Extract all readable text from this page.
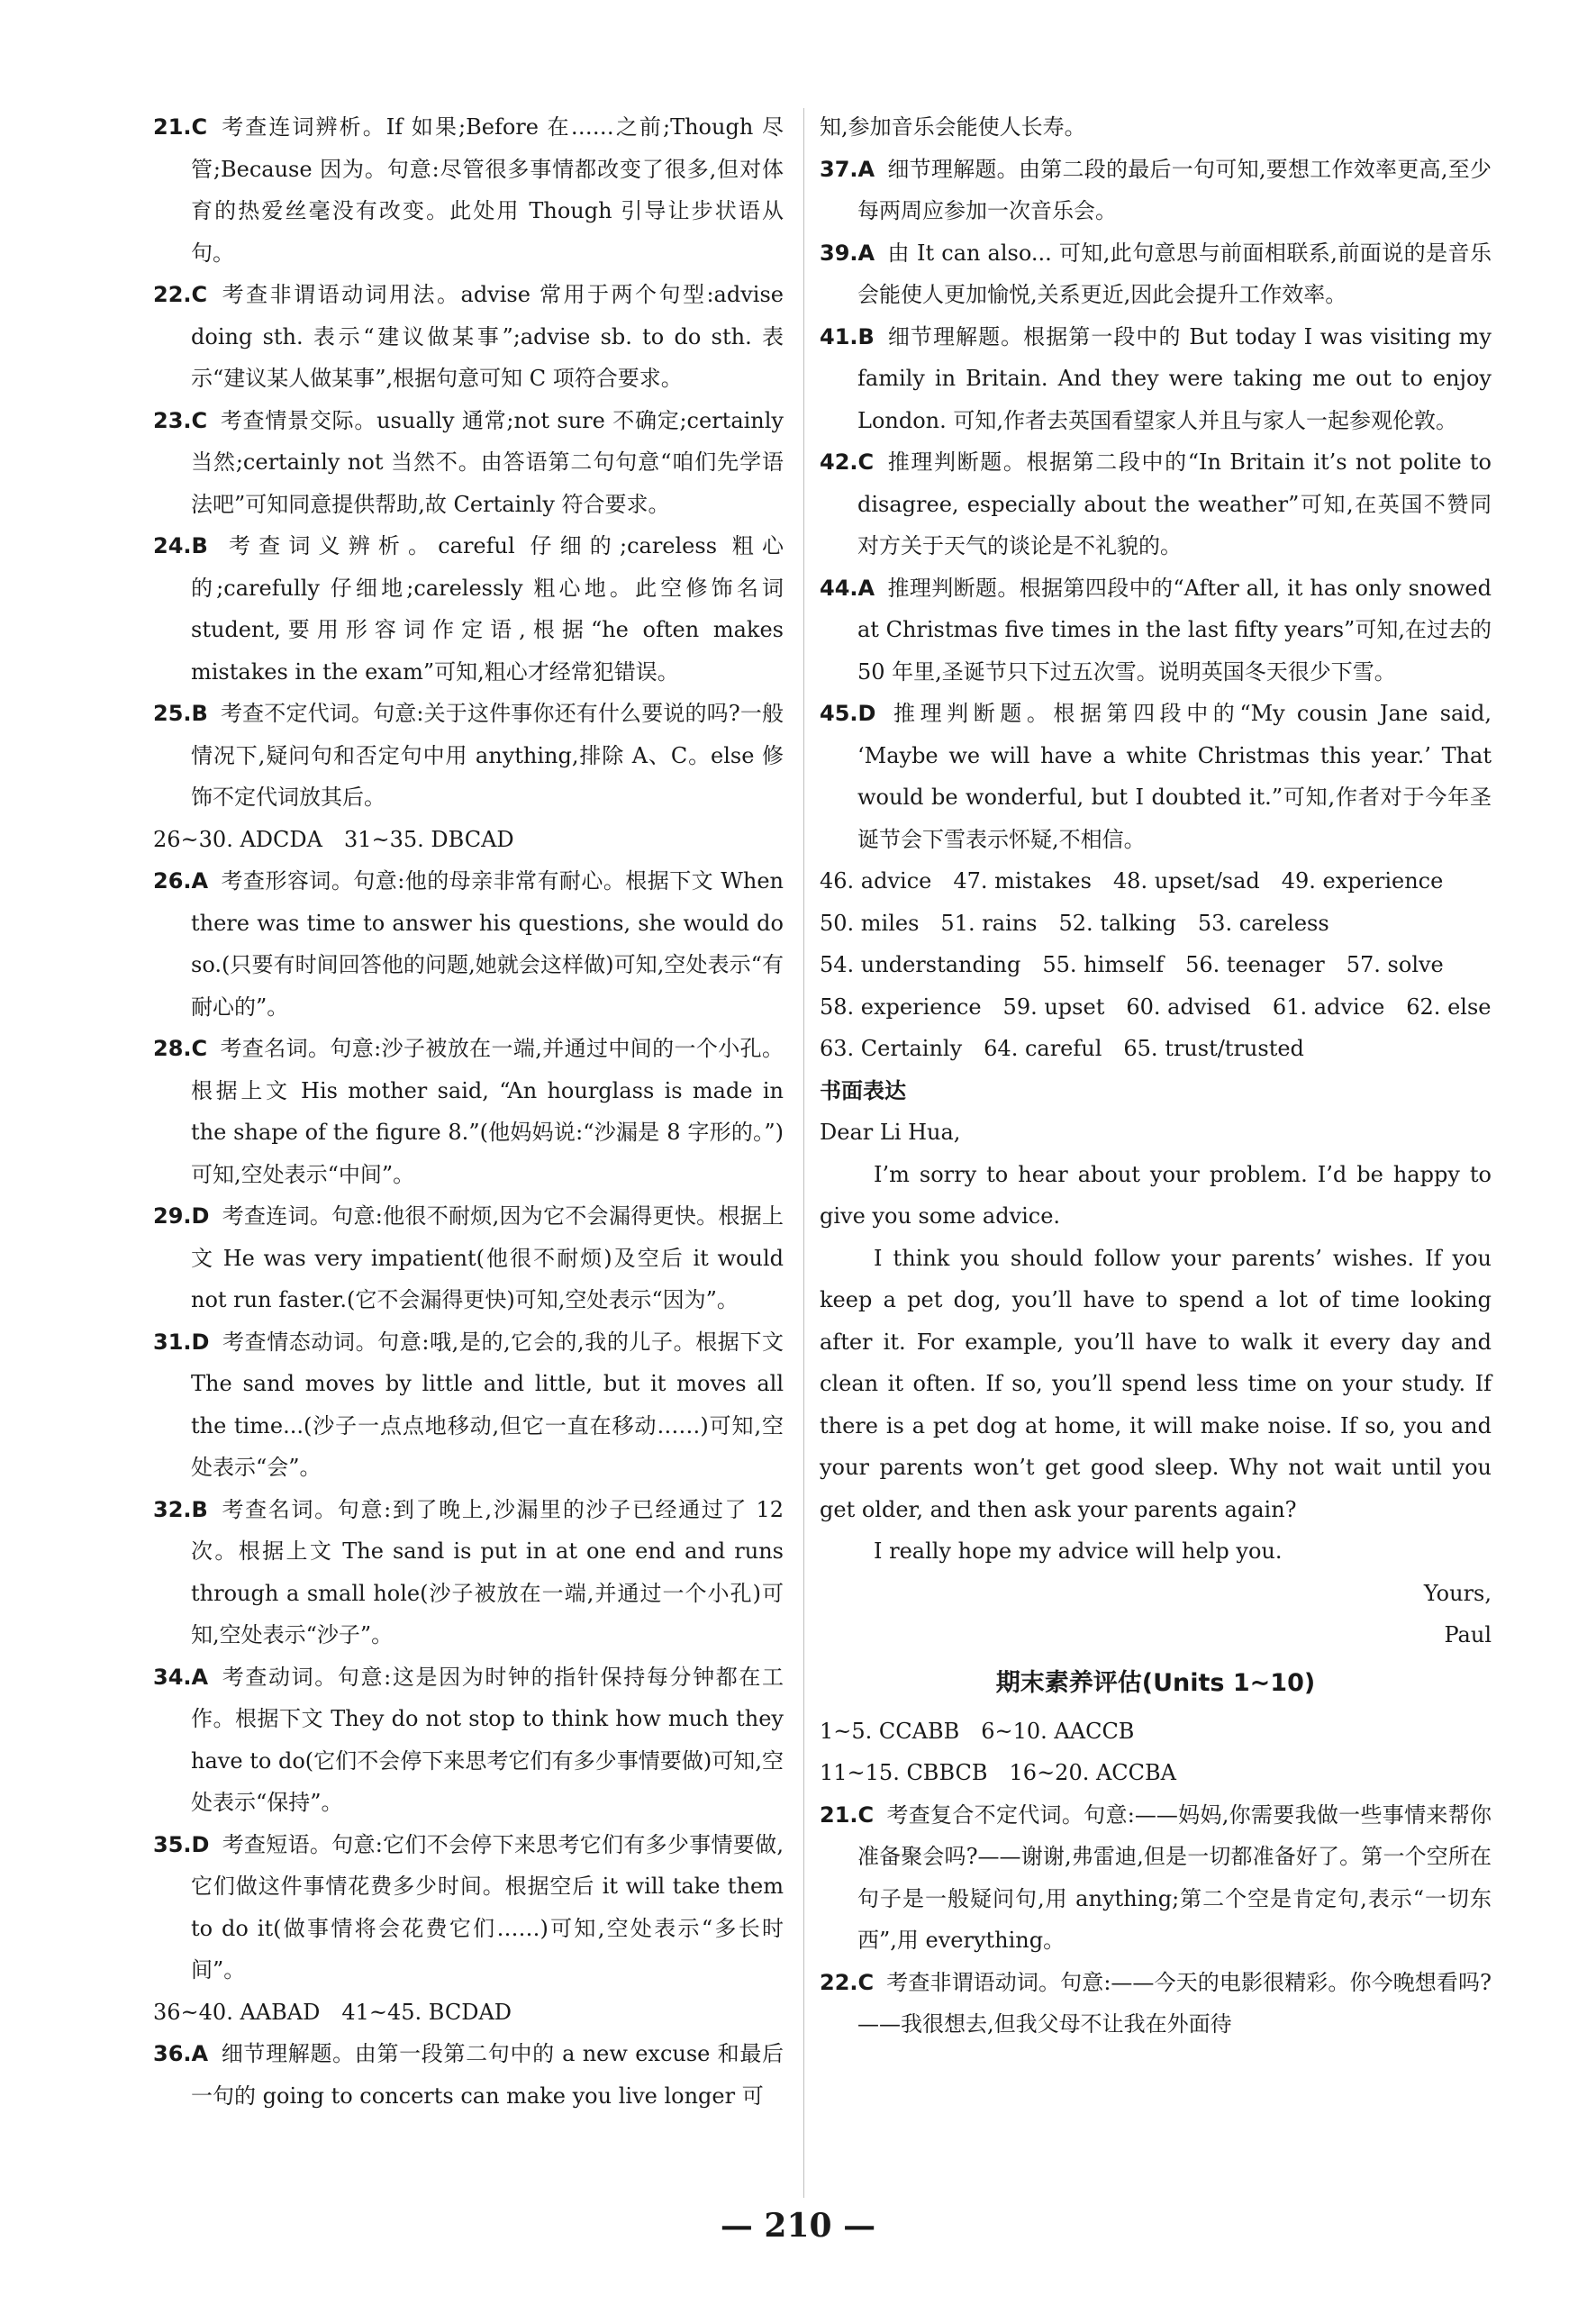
21.C 考查连词辨析。If 如果;Before 在……之前;Though 尽管;Because 因为。句意:尽管很多事情都改变了很多,但对体育的热爱丝毫没有改变。此处用 Though 引导让步状语从句。

22.C 考查非谓语动词用法。advise 常用于两个句型:advise doing sth. 表示“建议做某事”;advise sb. to do sth. 表示“建议某人做某事”,根据句意可知 C 项符合要求。

23.C 考查情景交际。usually 通常;not sure 不确定;certainly 当然;certainly not 当然不。由答语第二句句意“咱们先学语法吧”可知同意提供帮助,故 Certainly 符合要求。

24.B 考查词义辨析。careful 仔细的;careless 粗心的;carefully 仔细地;carelessly 粗心地。此空修饰名词 student,要用形容词作定语,根据“he often makes mistakes in the exam”可知,粗心才经常犯错误。

25.B 考查不定代词。句意:关于这件事你还有什么要说的吗?一般情况下,疑问句和否定句中用 anything,排除 A、C。else 修饰不定代词放其后。

26~30. ADCDA　31~35. DBCAD

26.A 考查形容词。句意:他的母亲非常有耐心。根据下文 When there was time to answer his questions, she would do so.(只要有时间回答他的问题,她就会这样做)可知,空处表示“有耐心的”。

28.C 考查名词。句意:沙子被放在一端,并通过中间的一个小孔。根据上文 His mother said, “An hourglass is made in the shape of the figure 8.”(他妈妈说:“沙漏是 8 字形的。”)可知,空处表示“中间”。

29.D 考查连词。句意:他很不耐烦,因为它不会漏得更快。根据上文 He was very impatient(他很不耐烦)及空后 it would not run faster.(它不会漏得更快)可知,空处表示“因为”。

31.D 考查情态动词。句意:哦,是的,它会的,我的儿子。根据下文 The sand moves by little and little, but it moves all the time...(沙子一点点地移动,但它一直在移动……)可知,空处表示“会”。

32.B 考查名词。句意:到了晚上,沙漏里的沙子已经通过了 12 次。根据上文 The sand is put in at one end and runs through a small hole(沙子被放在一端,并通过一个小孔)可知,空处表示“沙子”。

34.A 考查动词。句意:这是因为时钟的指针保持每分钟都在工作。根据下文 They do not stop to think how much they have to do(它们不会停下来思考它们有多少事情要做)可知,空处表示“保持”。

35.D 考查短语。句意:它们不会停下来思考它们有多少事情要做,它们做这件事情花费多少时间。根据空后 it will take them to do it(做事情将会花费它们……)可知,空处表示“多长时间”。

36~40. AABAD　41~45. BCDAD

36.A 细节理解题。由第一段第二句中的 a new excuse 和最后一句的 going to concerts can make you live longer 可

知,参加音乐会能使人长寿。

37.A 细节理解题。由第二段的最后一句可知,要想工作效率更高,至少每两周应参加一次音乐会。

39.A 由 It can also... 可知,此句意思与前面相联系,前面说的是音乐会能使人更加愉悦,关系更近,因此会提升工作效率。

41.B 细节理解题。根据第一段中的 But today I was visiting my family in Britain. And they were taking me out to enjoy London. 可知,作者去英国看望家人并且与家人一起参观伦敦。

42.C 推理判断题。根据第二段中的“In Britain it’s not polite to disagree, especially about the weather”可知,在英国不赞同对方关于天气的谈论是不礼貌的。

44.A 推理判断题。根据第四段中的“After all, it has only snowed at Christmas five times in the last fifty years”可知,在过去的 50 年里,圣诞节只下过五次雪。说明英国冬天很少下雪。

45.D 推理判断题。根据第四段中的“My cousin Jane said, ‘Maybe we will have a white Christmas this year.’ That would be wonderful, but I doubted it.”可知,作者对于今年圣诞节会下雪表示怀疑,不相信。

46. advice　47. mistakes　48. upset/sad　49. experience

50. miles　51. rains　52. talking　53. careless

54. understanding　55. himself　56. teenager　57. solve

58. experience　59. upset　60. advised　61. advice　62. else

63. Certainly　64. careful　65. trust/trusted

书面表达

Dear Li Hua,

I’m sorry to hear about your problem. I’d be happy to give you some advice.

I think you should follow your parents’ wishes. If you keep a pet dog, you’ll have to spend a lot of time looking after it. For example, you’ll have to walk it every day and clean it often. If so, you’ll spend less time on your study. If there is a pet dog at home, it will make noise. If so, you and your parents won’t get good sleep. Why not wait until you get older, and then ask your parents again?

I really hope my advice will help you.

Yours,

Paul

期末素养评估(Units 1~10)

1~5. CCABB　6~10. AACCB

11~15. CBBCB　16~20. ACCBA

21.C 考查复合不定代词。句意:——妈妈,你需要我做一些事情来帮你准备聚会吗?——谢谢,弗雷迪,但是一切都准备好了。第一个空所在句子是一般疑问句,用 anything;第二个空是肯定句,表示“一切东西”,用 everything。

22.C 考查非谓语动词。句意:——今天的电影很精彩。你今晚想看吗?——我很想去,但我父母不让我在外面待

— 210 —
